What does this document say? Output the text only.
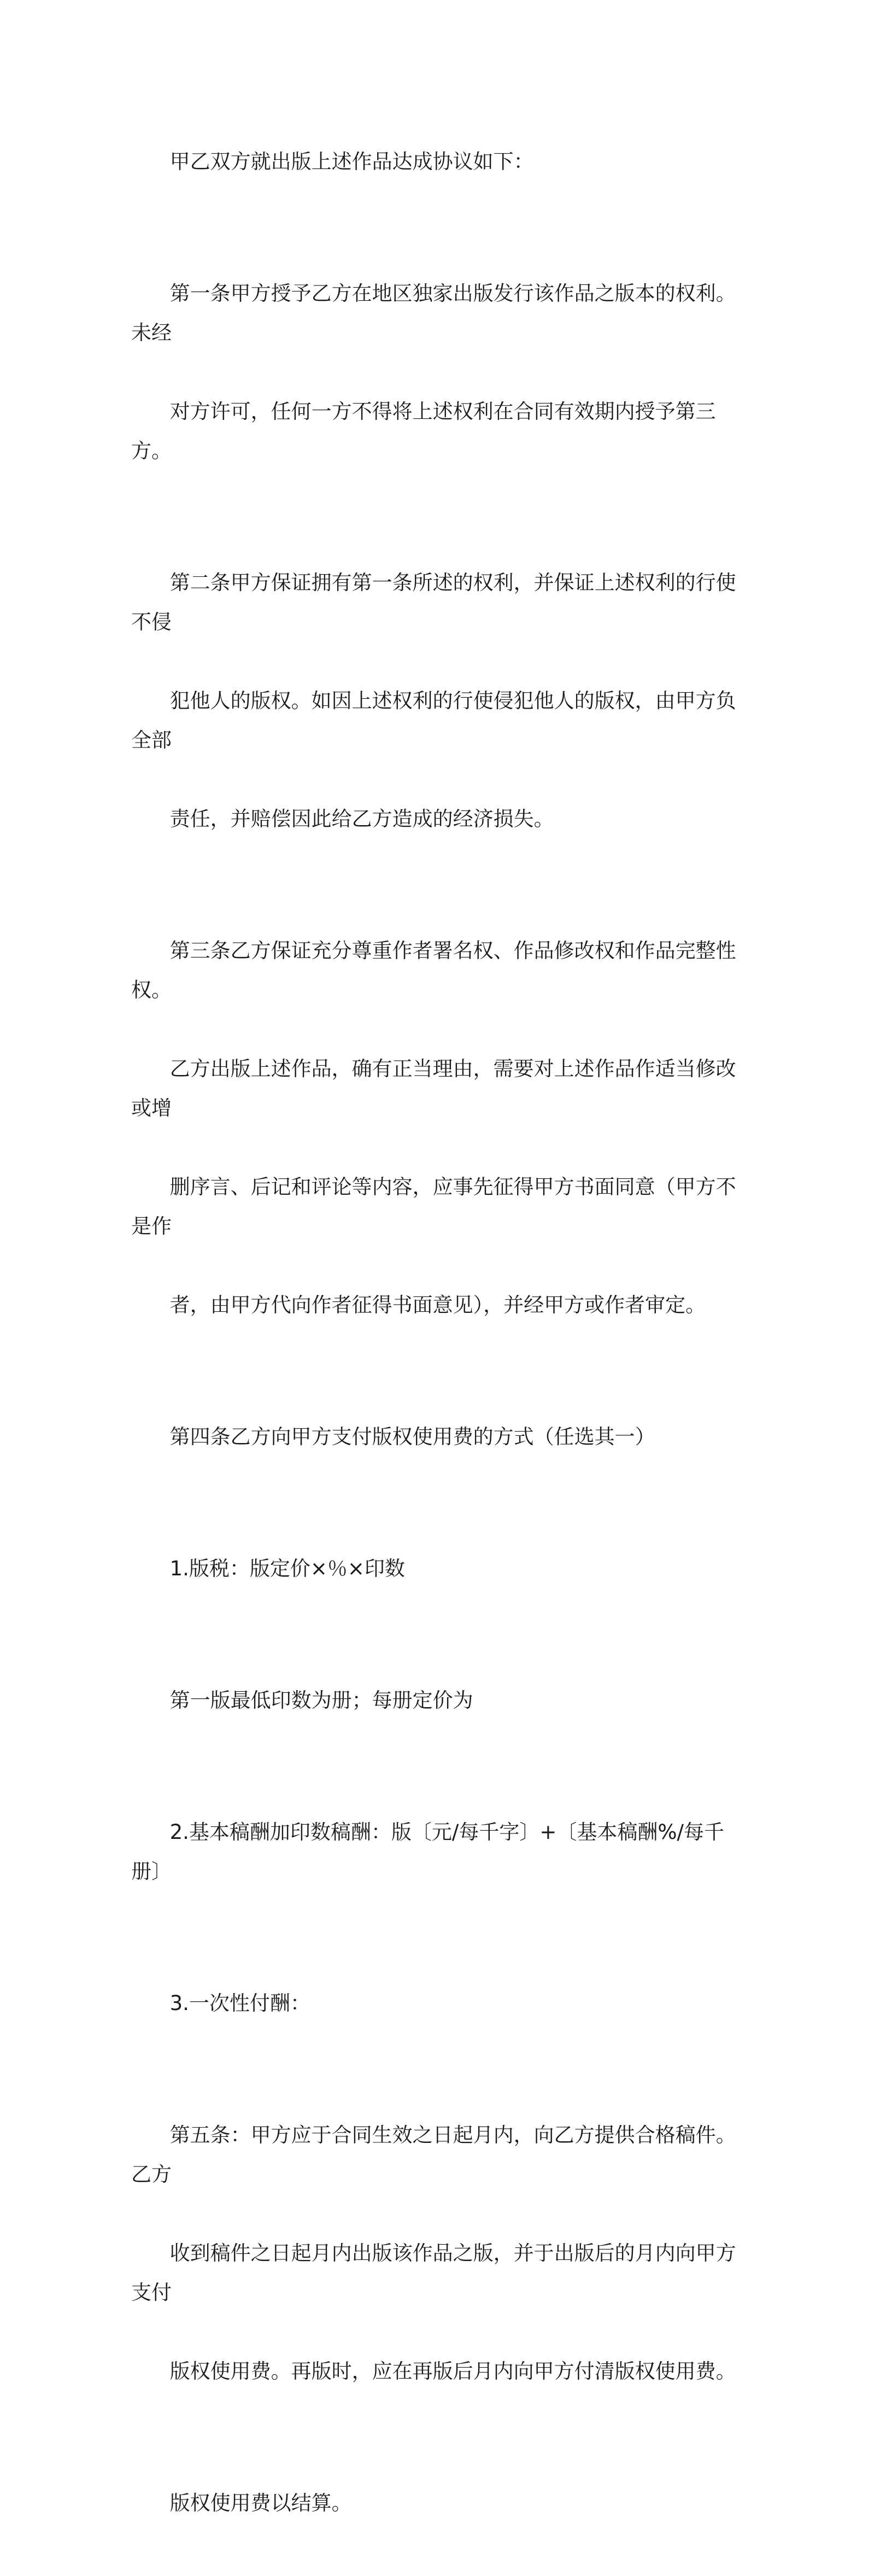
甲乙双方就出版上述作品达成协议如下：

第一条甲方授予乙方在地区独家出版发行该作品之版本的权利。未经

对方许可，任何一方不得将上述权利在合同有效期内授予第三方。

第二条甲方保证拥有第一条所述的权利，并保证上述权利的行使不侵

犯他人的版权。如因上述权利的行使侵犯他人的版权，由甲方负全部

责任，并赔偿因此给乙方造成的经济损失。

第三条乙方保证充分尊重作者署名权、作品修改权和作品完整性权。

乙方出版上述作品，确有正当理由，需要对上述作品作适当修改或增

删序言、后记和评论等内容，应事先征得甲方书面同意（甲方不是作

者，由甲方代向作者征得书面意见），并经甲方或作者审定。

第四条乙方向甲方支付版权使用费的方式（任选其一）

1.版税：版定价×％×印数

第一版最低印数为册；每册定价为

2.基本稿酬加印数稿酬：版〔元/每千字〕+〔基本稿酬%/每千册〕

3.一次性付酬：

第五条：甲方应于合同生效之日起月内，向乙方提供合格稿件。乙方

收到稿件之日起月内出版该作品之版，并于出版后的月内向甲方支付

版权使用费。再版时，应在再版后月内向甲方付清版权使用费。

版权使用费以结算。
